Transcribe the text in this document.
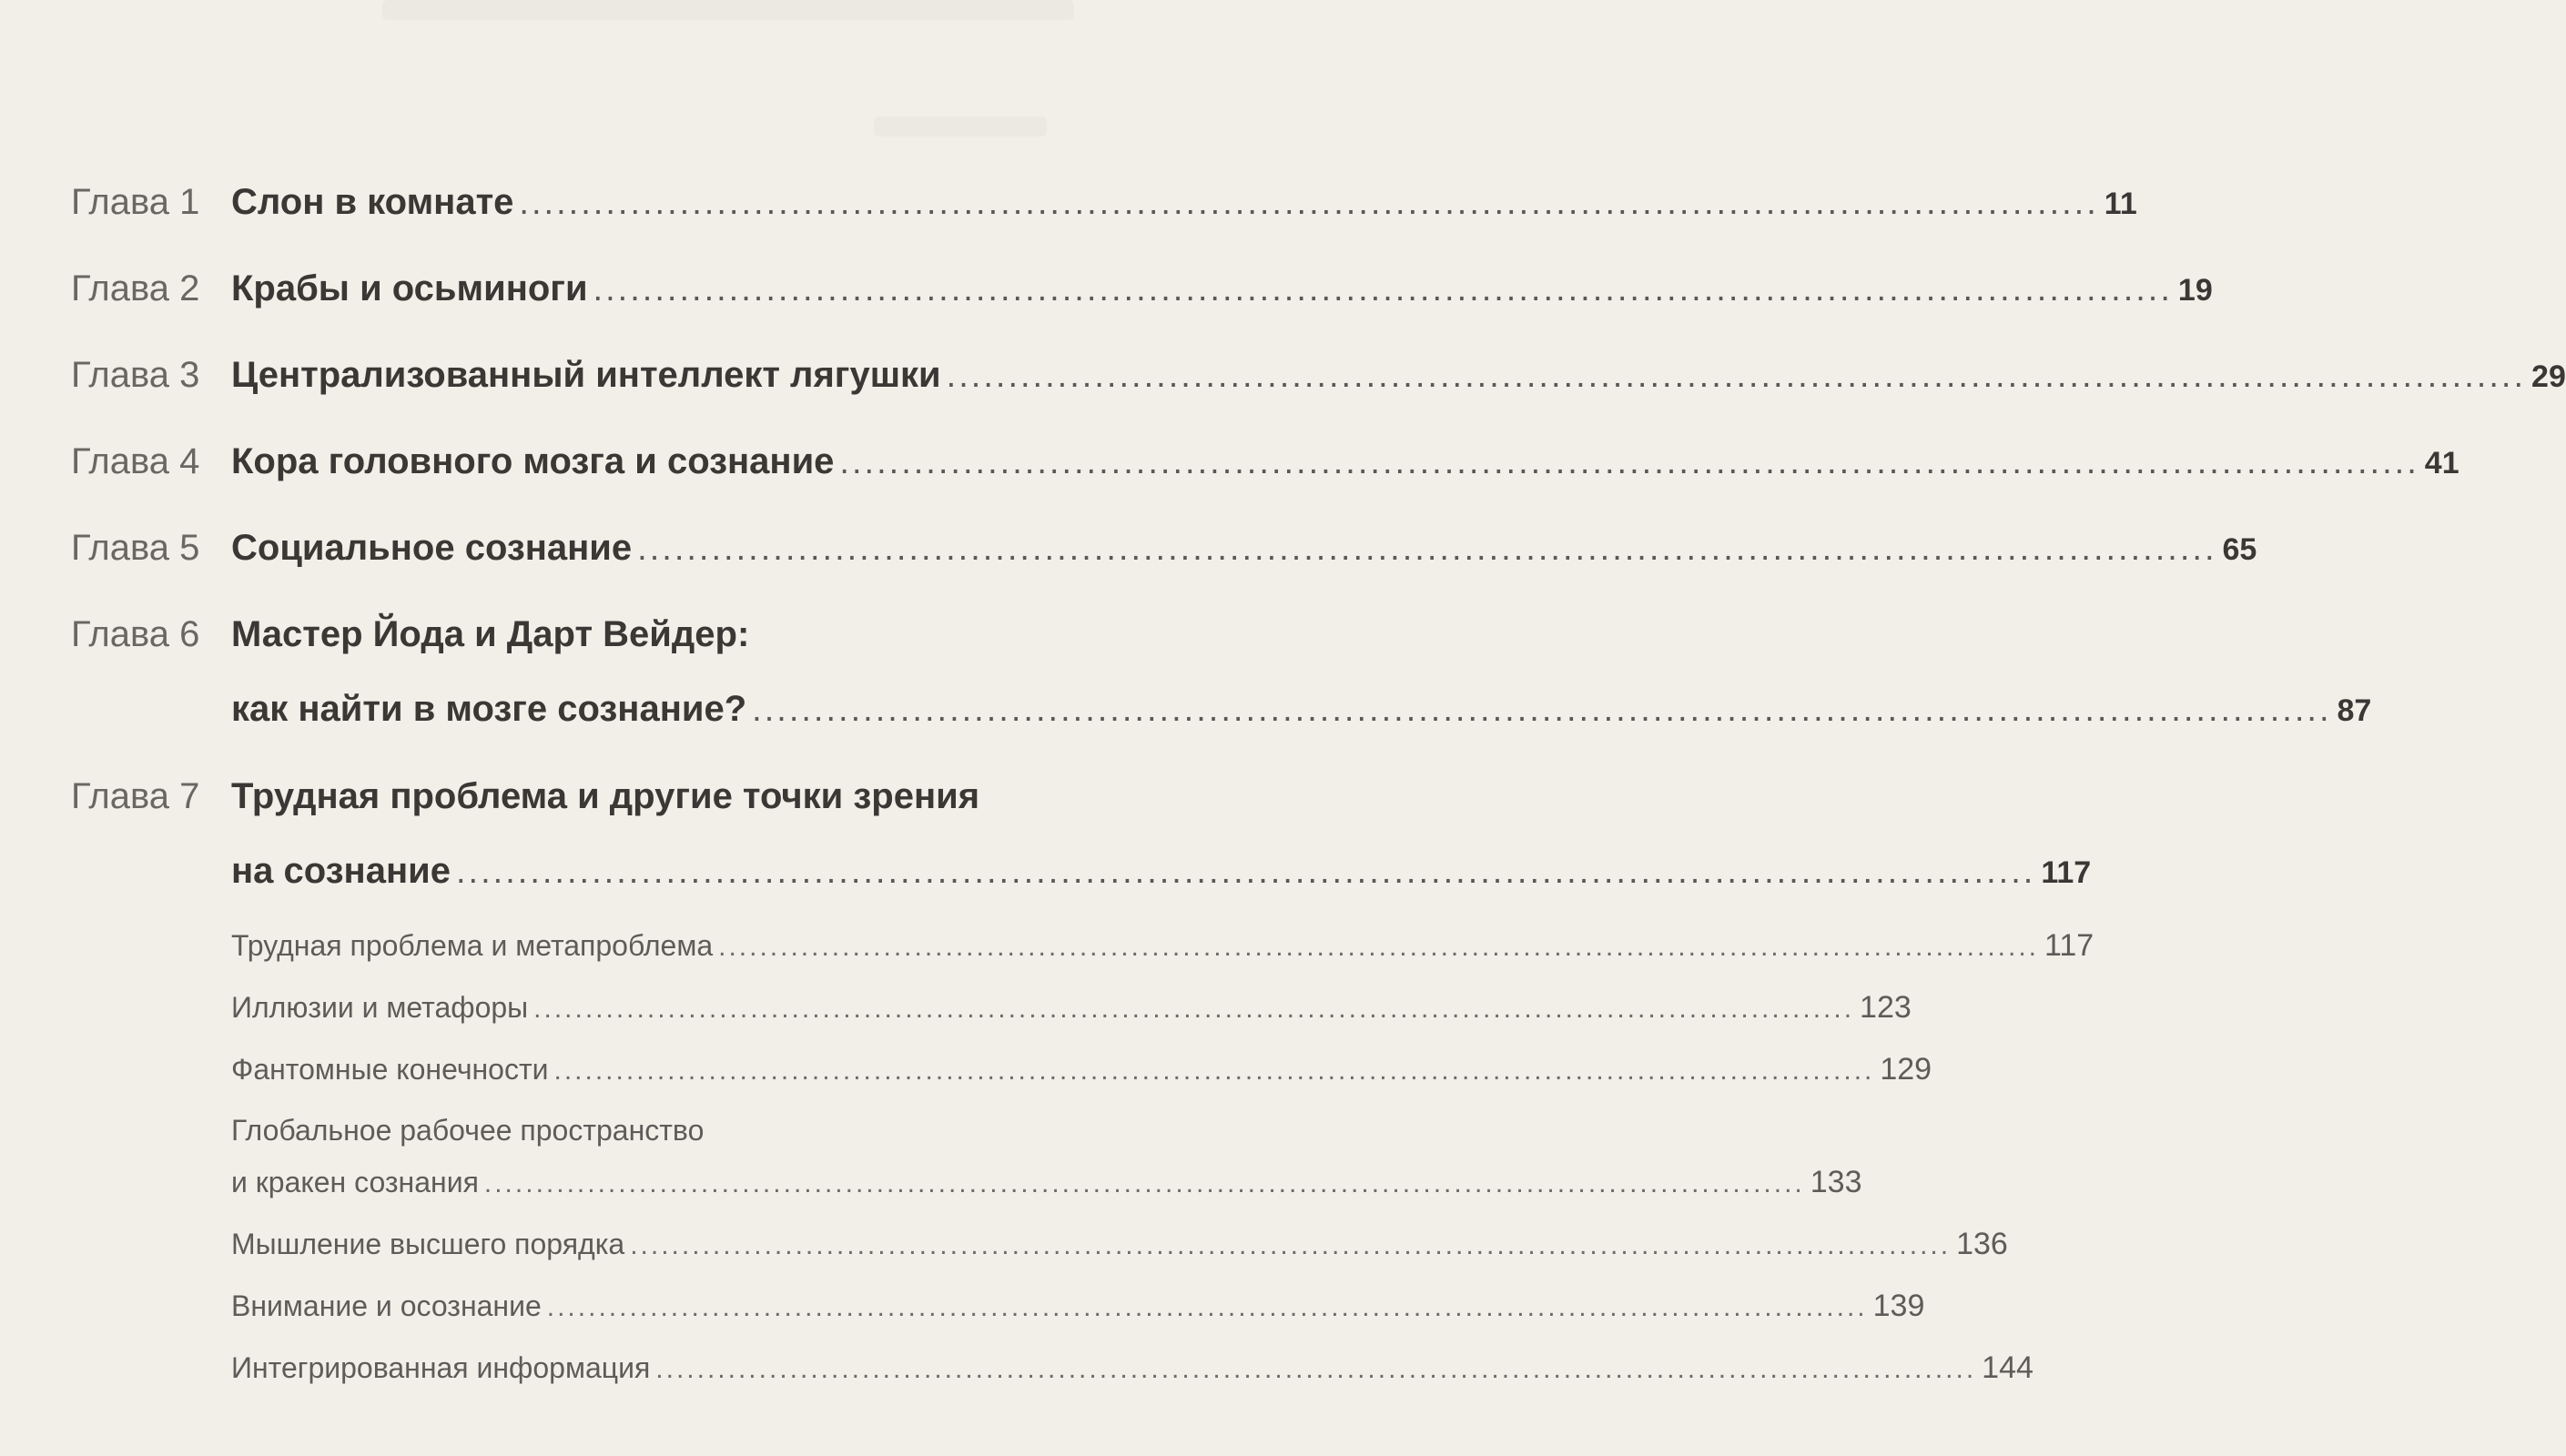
Глава 1 Слон в комнате ................................................................................................................................ 11
Глава 2 Крабы и осьминоги ................................................................................................................................ 19
Глава 3 Централизованный интеллект лягушки ................................................................................................................................ 29
Глава 4 Кора головного мозга и сознание ................................................................................................................................ 41
Глава 5 Социальное сознание ................................................................................................................................ 65
Глава 6 Мастер Йода и Дарт Вейдер:
как найти в мозге сознание? ................................................................................................................................ 87
Глава 7 Трудная проблема и другие точки зрения
на сознание ................................................................................................................................ 117
Трудная проблема и метапроблема ................................................................................................................................ 117
Иллюзии и метафоры ................................................................................................................................ 123
Фантомные конечности ................................................................................................................................ 129
Глобальное рабочее пространство
и кракен сознания ................................................................................................................................ 133
Мышление высшего порядка ................................................................................................................................ 136
Внимание и осознание ................................................................................................................................ 139
Интегрированная информация ................................................................................................................................ 144
